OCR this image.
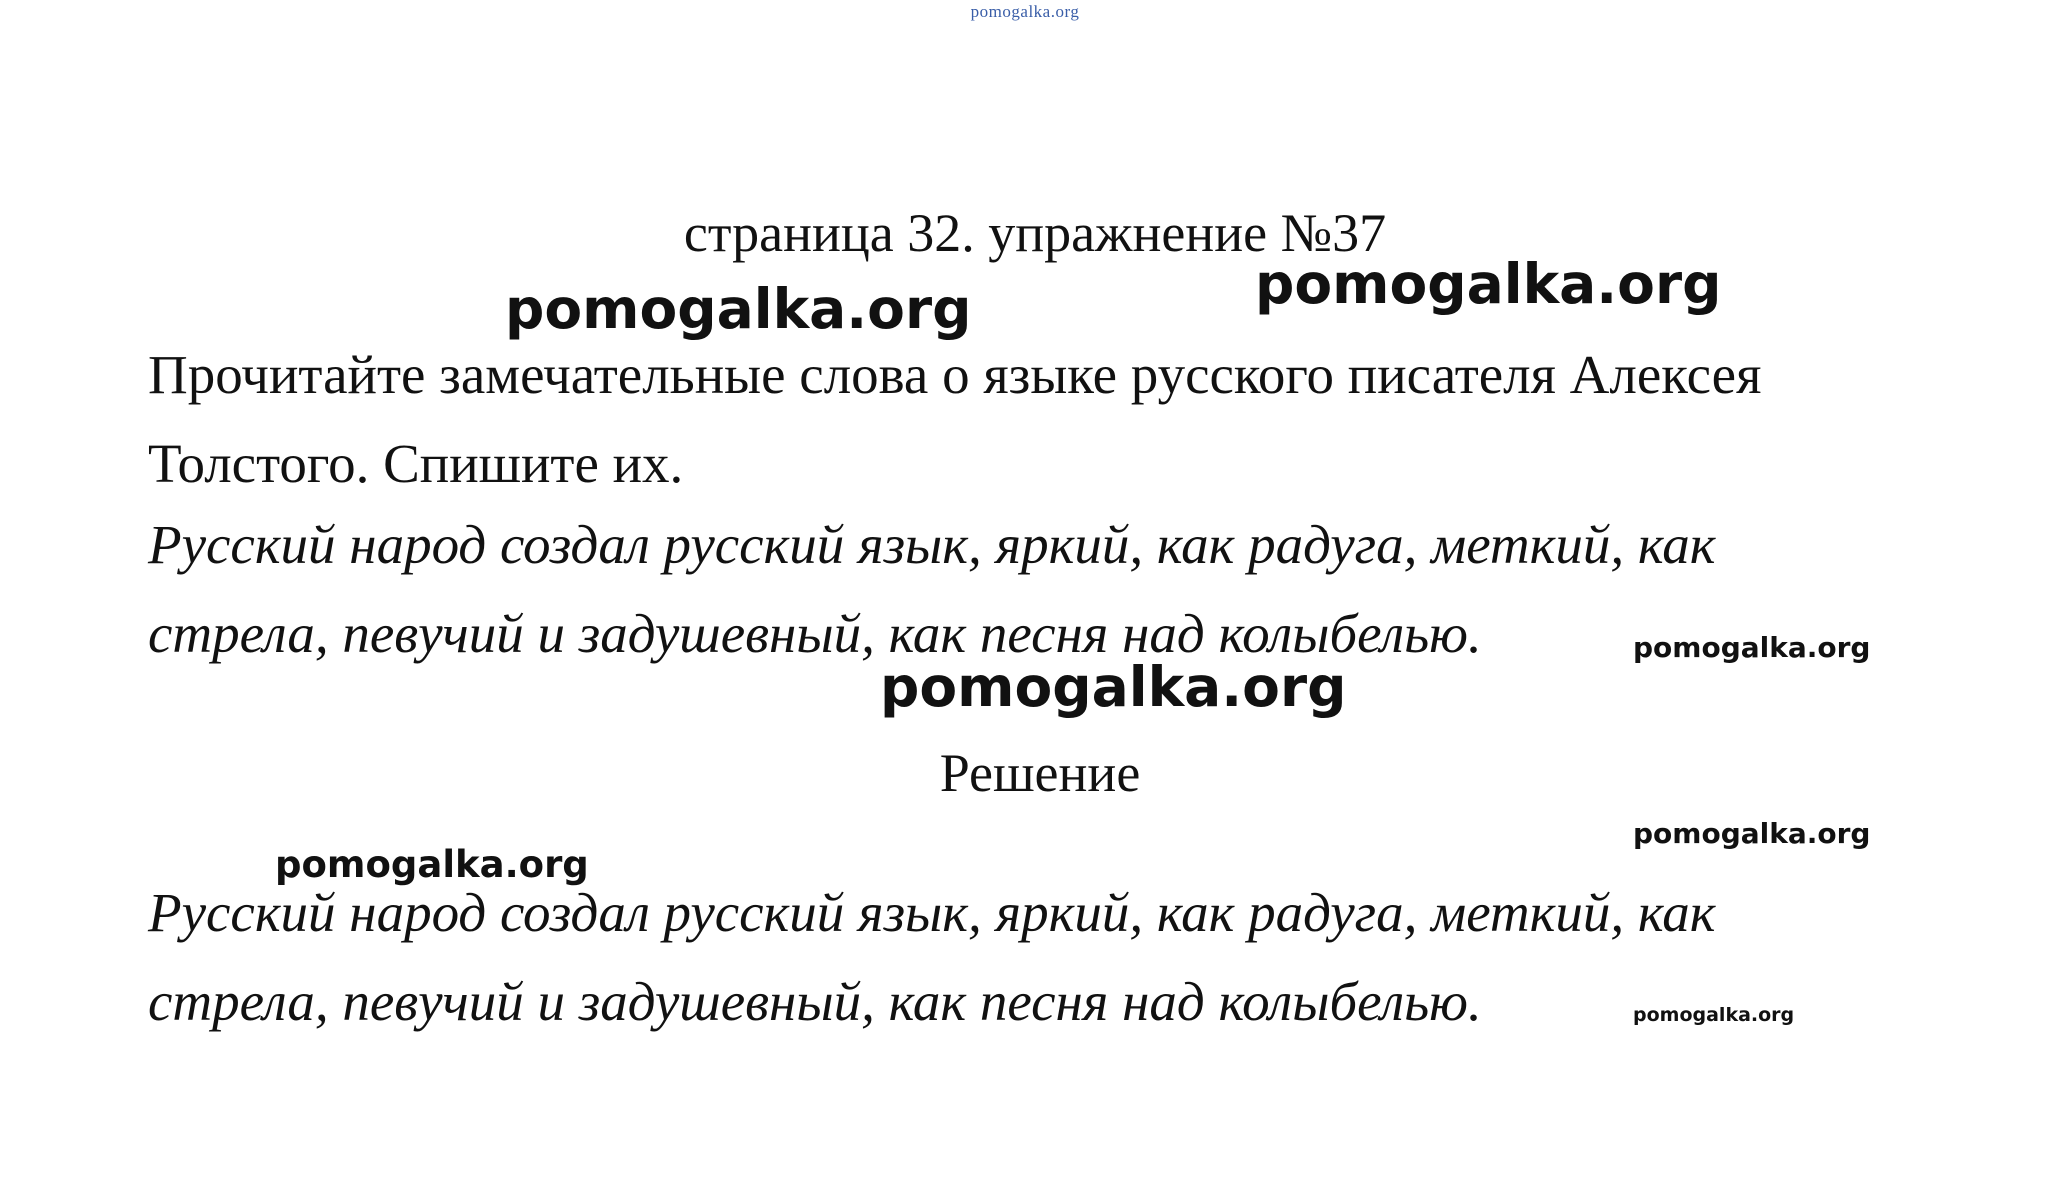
pomogalka.org
страница 32. упражнение №37
pomogalka.org	pomogalka.org
Прочитайте замечательные слова о языке русского писателя Алексея
Толстого. Спишите их.
Русский народ создал русский язык, яркий, как радуга, меткий, как
стрела, певучий и задушевный, как песня над колыбелью.	pomogalka.org
pomogalka.org
Решение
pomogalka.org
pomogalka.org
Русский народ создал русский язык, яркий, как радуга, меткий, как
стрела, певучий и задушевный, как песня над колыбелью.	pomogalka.org
